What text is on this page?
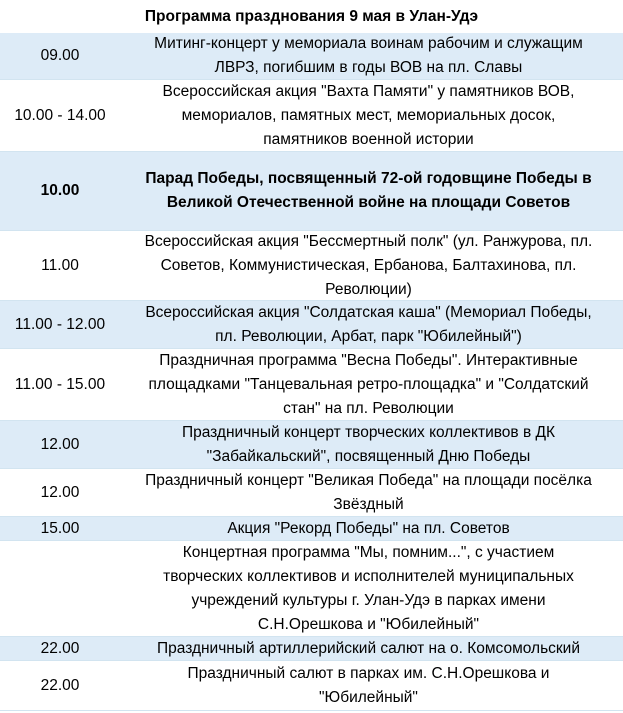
Программа празднования 9 мая в Улан-Удэ
09.00
Митинг-концерт у мемориала воинам рабочим и служащим
ЛВРЗ, погибшим в годы ВОВ на пл. Славы
10.00 - 14.00
Всероссийская акция "Вахта Памяти" у памятников ВОВ,
мемориалов, памятных мест, мемориальных досок,
памятников военной истории
10.00
Парад Победы, посвященный 72-ой годовщине Победы в
Великой Отечественной войне на площади Советов
11.00
Всероссийская акция "Бессмертный полк" (ул. Ранжурова, пл.
Советов, Коммунистическая, Ербанова, Балтахинова, пл.
Революции)
11.00 - 12.00
Всероссийская акция "Солдатская каша" (Мемориал Победы,
пл. Революции, Арбат, парк "Юбилейный")
11.00 - 15.00
Праздничная программа "Весна Победы". Интерактивные
площадками "Танцевальная ретро-площадка" и "Солдатский
стан" на пл. Революции
12.00
Праздничный концерт творческих коллективов в ДК
"Забайкальский", посвященный Дню Победы
12.00
Праздничный концерт "Великая Победа" на площади посёлка
Звёздный
15.00	Акция "Рекорд Победы" на пл. Советов
Концертная программа "Мы, помним...", с участием
творческих коллективов и исполнителей муниципальных
учреждений культуры г. Улан-Удэ в парках имени
С.Н.Орешкова и "Юбилейный"
22.00	Праздничный артиллерийский салют на о. Комсомольский
22.00
Праздничный салют в парках им. С.Н.Орешкова и
"Юбилейный"
